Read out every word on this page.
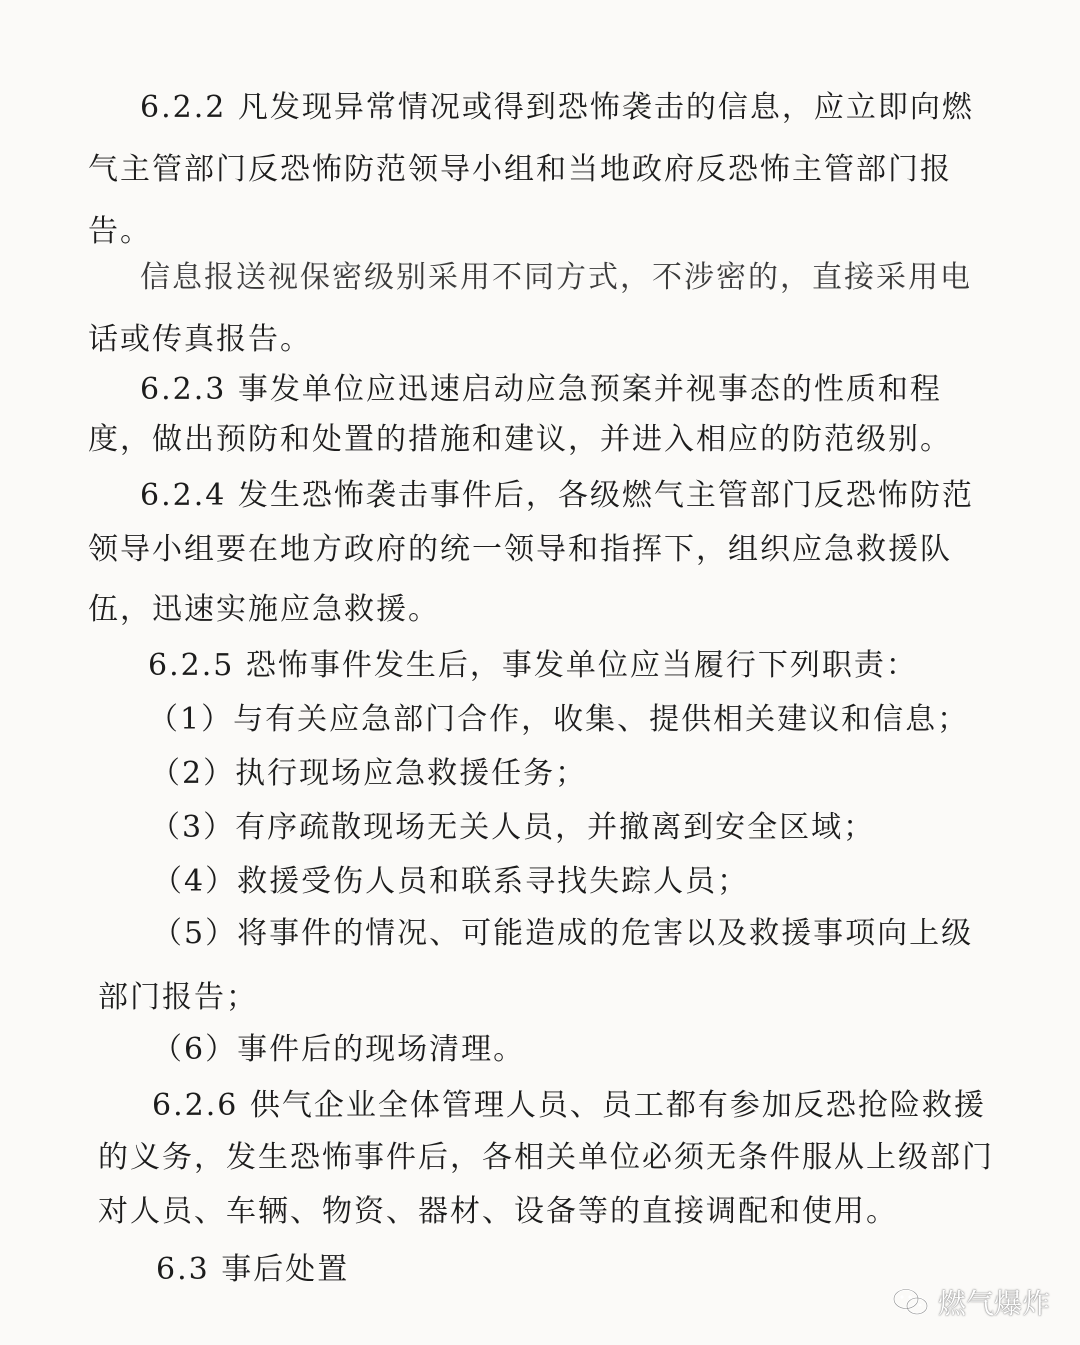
6.2.2 凡发现异常情况或得到恐怖袭击的信息，应立即向燃
气主管部门反恐怖防范领导小组和当地政府反恐怖主管部门报
告。
信息报送视保密级别采用不同方式，不涉密的，直接采用电
话或传真报告。
6.2.3 事发单位应迅速启动应急预案并视事态的性质和程
度，做出预防和处置的措施和建议，并进入相应的防范级别。
6.2.4 发生恐怖袭击事件后，各级燃气主管部门反恐怖防范
领导小组要在地方政府的统一领导和指挥下，组织应急救援队
伍，迅速实施应急救援。
6.2.5 恐怖事件发生后，事发单位应当履行下列职责：
（1）与有关应急部门合作，收集、提供相关建议和信息；
（2）执行现场应急救援任务；
（3）有序疏散现场无关人员，并撤离到安全区域；
（4）救援受伤人员和联系寻找失踪人员；
（5）将事件的情况、可能造成的危害以及救援事项向上级
部门报告；
（6）事件后的现场清理。
6.2.6 供气企业全体管理人员、员工都有参加反恐抢险救援
的义务，发生恐怖事件后，各相关单位必须无条件服从上级部门
对人员、车辆、物资、器材、设备等的直接调配和使用。
6.3 事后处置
燃气爆炸
